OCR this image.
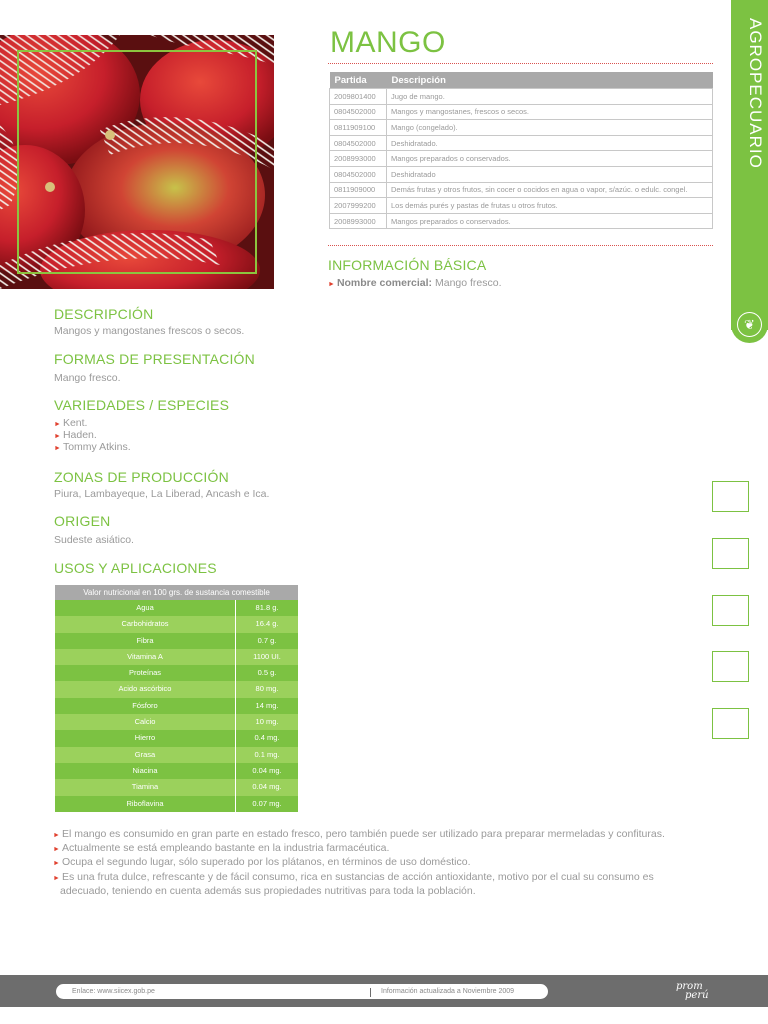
MANGO
Partida	Descripción
2009801400	Jugo de mango.
0804502000	Mangos y mangostanes, frescos o secos.
0811909100	Mango (congelado).
0804502000	Deshidratado.
2008993000	Mangos preparados o conservados.
0804502000	Deshidratado
0811909000	Demás frutas y otros frutos, sin cocer o cocidos en agua o vapor, s/azúc. o edulc. congel.
2007999200	Los demás purés y pastas de frutas u otros frutos.
2008993000	Mangos preparados o conservados.
AGROPECUARIO
❦
INFORMACIÓN BÁSICA

► Nombre comercial: Mango fresco.

DESCRIPCIÓN

Mangos y mangostanes frescos o secos.

FORMAS DE PRESENTACIÓN

Mango fresco.

VARIEDADES / ESPECIES

► Kent.

► Haden.

► Tommy Atkins.

ZONAS DE PRODUCCIÓN

Piura, Lambayeque, La Liberad, Ancash e Ica.

ORIGEN

Sudeste asiático.

USOS Y APLICACIONES
Valor nutricional en 100 grs. de sustancia comestible
Agua	81.8 g.
Carbohidratos	16.4 g.
Fibra	0.7 g.
Vitamina A	1100 UI.
Proteínas	0.5 g.
Acido ascórbico	80 mg.
Fósforo	14 mg.
Calcio	10 mg.
Hierro	0.4 mg.
Grasa	0.1 mg.
Niacina	0.04 mg.
Tiamina	0.04 mg.
Riboflavina	0.07 mg.

► El mango es consumido en gran parte en estado fresco, pero también puede ser utilizado para preparar mermeladas y confituras.

► Actualmente se está empleando bastante en la industria farmacéutica.

► Ocupa el segundo lugar, sólo superado por los plátanos, en términos de uso doméstico.

► Es una fruta dulce, refrescante y de fácil consumo, rica en sustancias de acción antioxidante, motivo por el cual su consumo es

adecuado, teniendo en cuenta además sus propiedades nutritivas para toda la población.

Enlace: www.siicex.gob.pe	Información actualizada a Noviembre 2009	prom
perú
